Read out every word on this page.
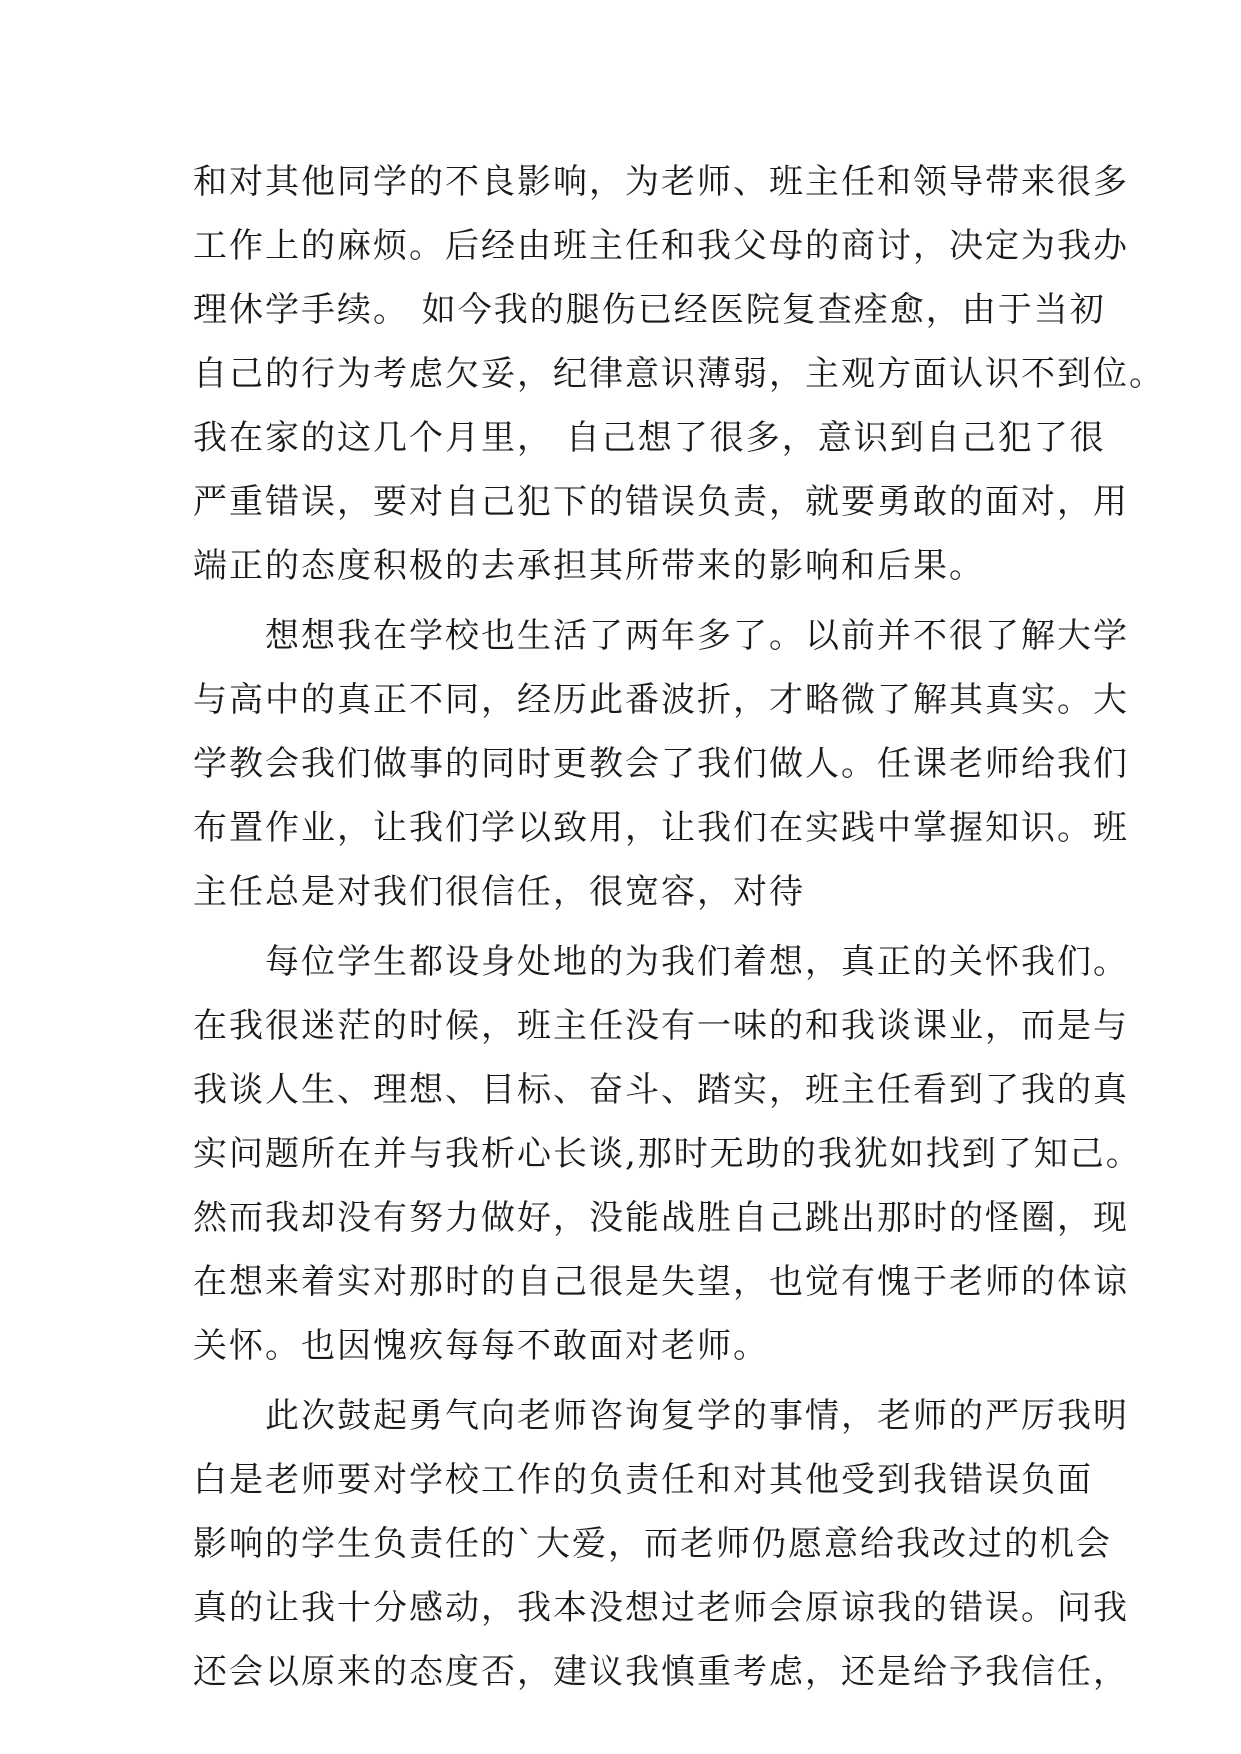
和对其他同学的不良影响，为老师、班主任和领导带来很多
工作上的麻烦。后经由班主任和我父母的商讨，决定为我办
理休学手续。 如今我的腿伤已经医院复查痊愈，由于当初
自己的行为考虑欠妥，纪律意识薄弱，主观方面认识不到位。
我在家的这几个月里， 自己想了很多，意识到自己犯了很
严重错误，要对自己犯下的错误负责，就要勇敢的面对，用
端正的态度积极的去承担其所带来的影响和后果。
　　想想我在学校也生活了两年多了。以前并不很了解大学
与高中的真正不同，经历此番波折，才略微了解其真实。大
学教会我们做事的同时更教会了我们做人。任课老师给我们
布置作业，让我们学以致用，让我们在实践中掌握知识。班
主任总是对我们很信任，很宽容，对待
　　每位学生都设身处地的为我们着想，真正的关怀我们。
在我很迷茫的时候，班主任没有一味的和我谈课业，而是与
我谈人生、理想、目标、奋斗、踏实，班主任看到了我的真
实问题所在并与我析心长谈,那时无助的我犹如找到了知己。
然而我却没有努力做好，没能战胜自己跳出那时的怪圈，现
在想来着实对那时的自己很是失望，也觉有愧于老师的体谅
关怀。也因愧疚每每不敢面对老师。
　　此次鼓起勇气向老师咨询复学的事情，老师的严厉我明
白是老师要对学校工作的负责任和对其他受到我错误负面
影响的学生负责任的`大爱，而老师仍愿意给我改过的机会
真的让我十分感动，我本没想过老师会原谅我的错误。问我
还会以原来的态度否，建议我慎重考虑，还是给予我信任，
